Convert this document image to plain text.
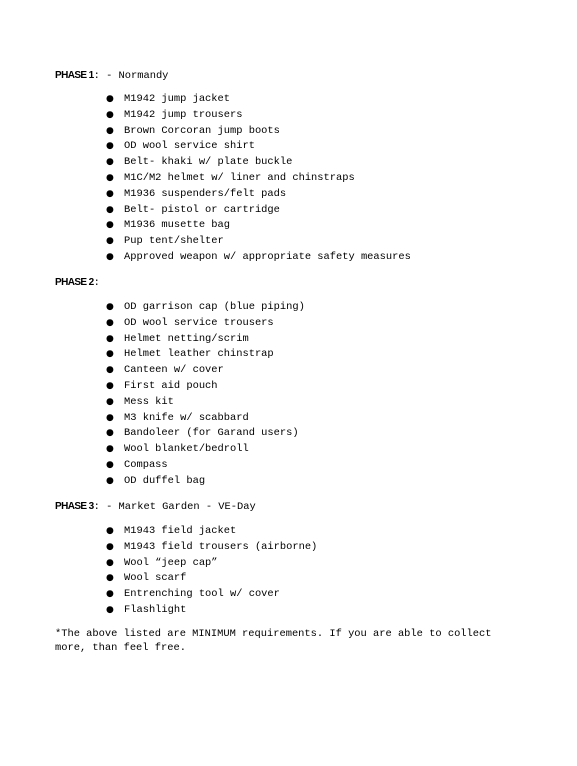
PHASE 1: - Normandy
● M1942 jump jacket
● M1942 jump trousers
● Brown Corcoran jump boots
● OD wool service shirt
● Belt- khaki w/ plate buckle
● M1C/M2 helmet w/ liner and chinstraps
● M1936 suspenders/felt pads
● Belt- pistol or cartridge
● M1936 musette bag
● Pup tent/shelter
● Approved weapon w/ appropriate safety measures
PHASE 2:
● OD garrison cap (blue piping)
● OD wool service trousers
● Helmet netting/scrim
● Helmet leather chinstrap
● Canteen w/ cover
● First aid pouch
● Mess kit
● M3 knife w/ scabbard
● Bandoleer (for Garand users)
● Wool blanket/bedroll
● Compass
● OD duffel bag
PHASE 3: - Market Garden - VE-Day
● M1943 field jacket
● M1943 field trousers (airborne)
● Wool “jeep cap”
● Wool scarf
● Entrenching tool w/ cover
● Flashlight
*The above listed are MINIMUM requirements. If you are able to collect
more, than feel free.
